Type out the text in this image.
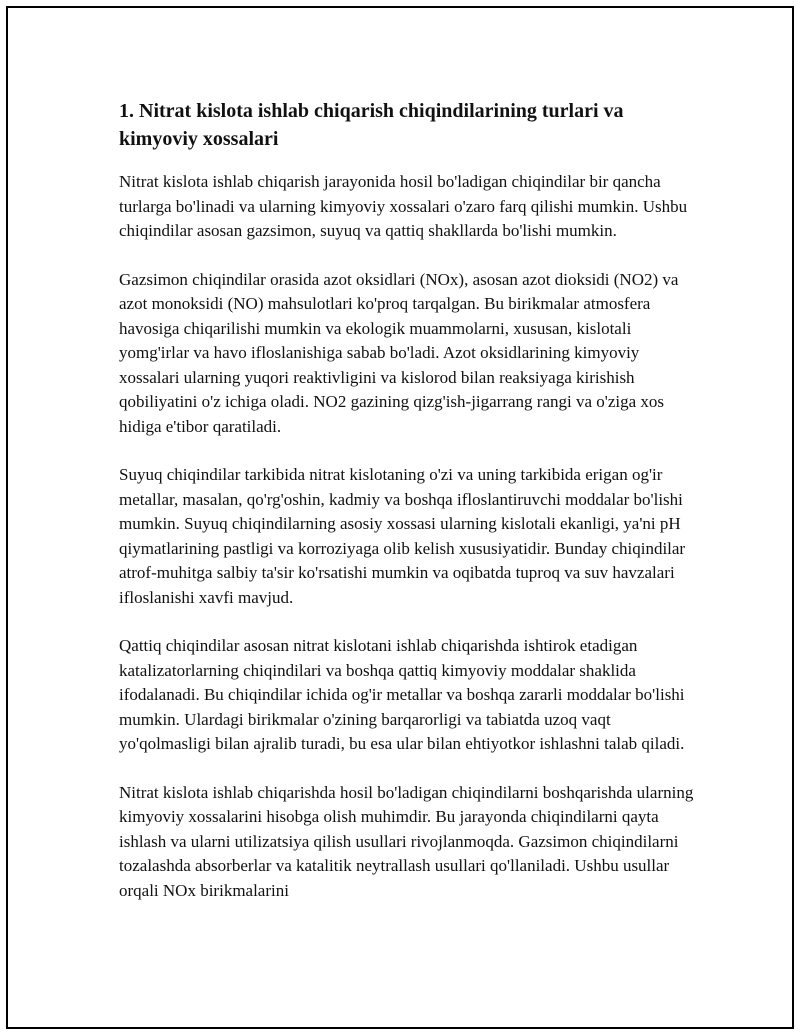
1. Nitrat kislota ishlab chiqarish chiqindilarining turlari va kimyoviy xossalari

Nitrat kislota ishlab chiqarish jarayonida hosil bo'ladigan chiqindilar bir qancha turlarga bo'linadi va ularning kimyoviy xossalari o'zaro farq qilishi mumkin. Ushbu chiqindilar asosan gazsimon, suyuq va qattiq shakllarda bo'lishi mumkin.

Gazsimon chiqindilar orasida azot oksidlari (NOx), asosan azot dioksidi (NO2) va azot monoksidi (NO) mahsulotlari ko'proq tarqalgan. Bu birikmalar atmosfera havosiga chiqarilishi mumkin va ekologik muammolarni, xususan, kislotali yomg'irlar va havo ifloslanishiga sabab bo'ladi. Azot oksidlarining kimyoviy xossalari ularning yuqori reaktivligini va kislorod bilan reaksiyaga kirishish qobiliyatini o'z ichiga oladi. NO2 gazining qizg'ish-jigarrang rangi va o'ziga xos hidiga e'tibor qaratiladi.

Suyuq chiqindilar tarkibida nitrat kislotaning o'zi va uning tarkibida erigan og'ir metallar, masalan, qo'rg'oshin, kadmiy va boshqa ifloslantiruvchi moddalar bo'lishi mumkin. Suyuq chiqindilarning asosiy xossasi ularning kislotali ekanligi, ya'ni pH qiymatlarining pastligi va korroziyaga olib kelish xususiyatidir. Bunday chiqindilar atrof-muhitga salbiy ta'sir ko'rsatishi mumkin va oqibatda tuproq va suv havzalari ifloslanishi xavfi mavjud.

Qattiq chiqindilar asosan nitrat kislotani ishlab chiqarishda ishtirok etadigan katalizatorlarning chiqindilari va boshqa qattiq kimyoviy moddalar shaklida ifodalanadi. Bu chiqindilar ichida og'ir metallar va boshqa zararli moddalar bo'lishi mumkin. Ulardagi birikmalar o'zining barqarorligi va tabiatda uzoq vaqt yo'qolmasligi bilan ajralib turadi, bu esa ular bilan ehtiyotkor ishlashni talab qiladi.

Nitrat kislota ishlab chiqarishda hosil bo'ladigan chiqindilarni boshqarishda ularning kimyoviy xossalarini hisobga olish muhimdir. Bu jarayonda chiqindilarni qayta ishlash va ularni utilizatsiya qilish usullari rivojlanmoqda. Gazsimon chiqindilarni tozalashda absorberlar va katalitik neytrallash usullari qo'llaniladi. Ushbu usullar orqali NOx birikmalarini
